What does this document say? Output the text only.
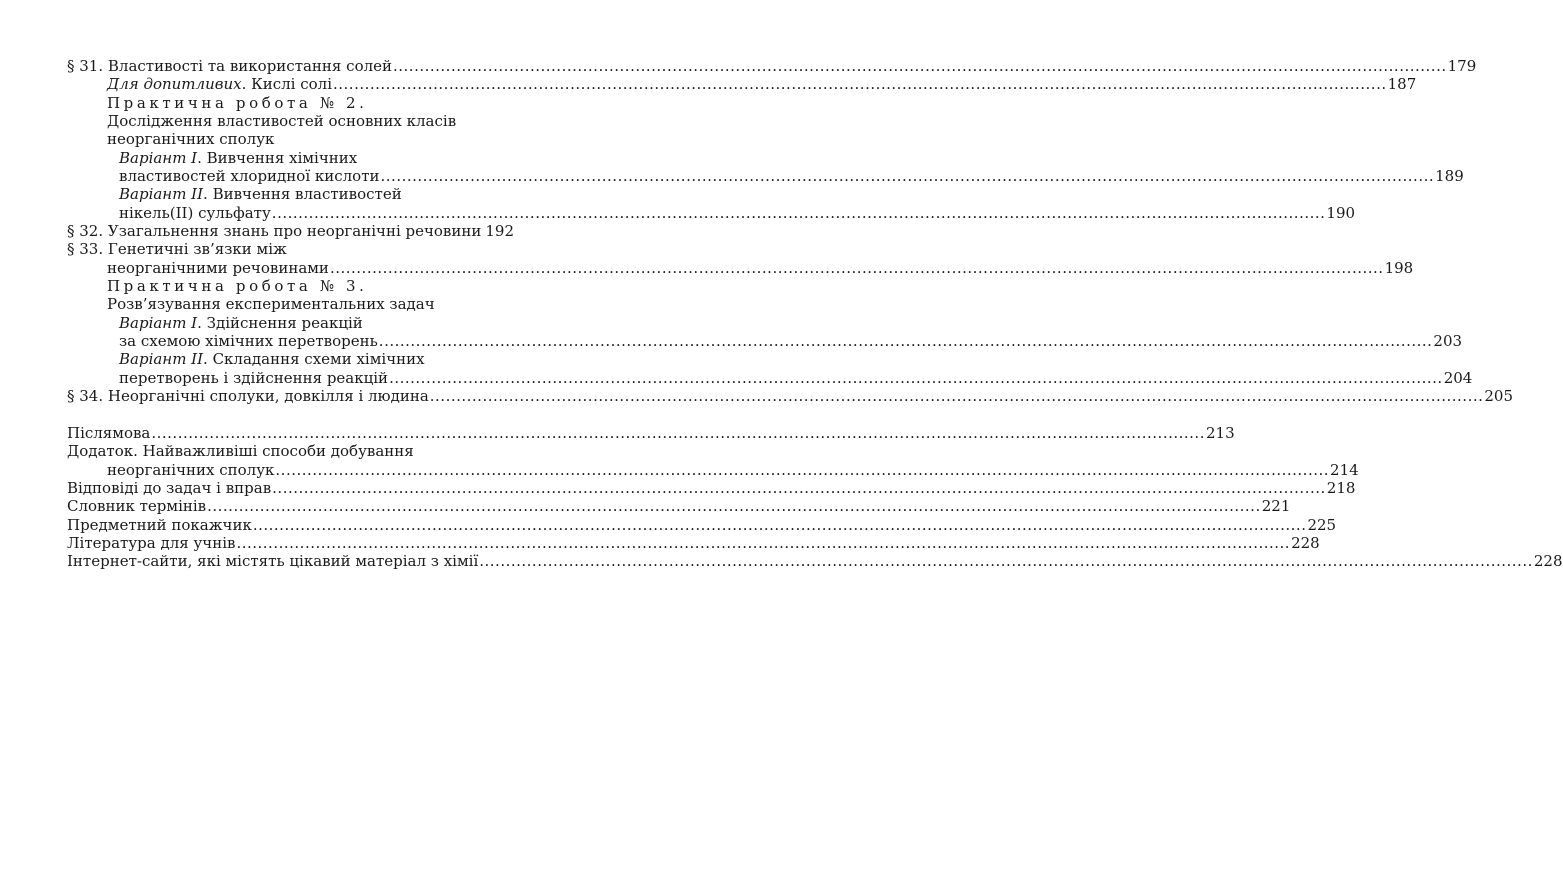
§ 31. Властивості та використання солей ........................................................................................................................................................................................................ 179
Для допитливих. Кислі солі ........................................................................................................................................................................................................ 187
Практична робота № 2.
Дослідження властивостей основних класів
неорганічних сполук
Варіант I. Вивчення хімічних
властивостей хлоридної кислоти ........................................................................................................................................................................................................ 189
Варіант II. Вивчення властивостей
нікель(ІІ) сульфату ........................................................................................................................................................................................................ 190
§ 32. Узагальнення знань про неорганічні речовини 192
§ 33. Генетичні зв’язки між
неорганічними речовинами ........................................................................................................................................................................................................ 198
Практична робота № 3.
Розв’язування експериментальних задач
Варіант I. Здійснення реакцій
за схемою хімічних перетворень ........................................................................................................................................................................................................ 203
Варіант II. Складання схеми хімічних
перетворень і здійснення реакцій ........................................................................................................................................................................................................ 204
§ 34. Неорганічні сполуки, довкілля і людина ........................................................................................................................................................................................................ 205
Післямова ........................................................................................................................................................................................................ 213
Додаток. Найважливіші способи добування
неорганічних сполук ........................................................................................................................................................................................................ 214
Відповіді до задач і вправ ........................................................................................................................................................................................................ 218
Словник термінів ........................................................................................................................................................................................................ 221
Предметний покажчик ........................................................................................................................................................................................................ 225
Література для учнів ........................................................................................................................................................................................................ 228
Інтернет-сайти, які містять цікавий матеріал з хімії ........................................................................................................................................................................................................ 228
